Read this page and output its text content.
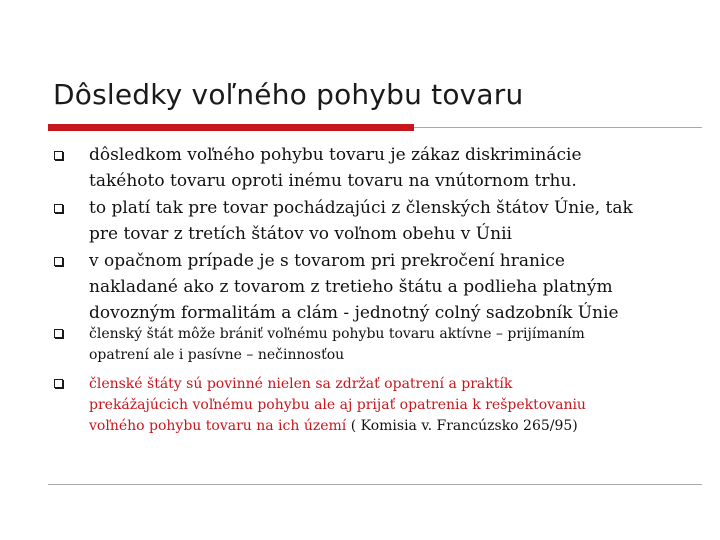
Dôsledky voľného pohybu tovaru
dôsledkom voľného pohybu tovaru je zákaz diskriminácie
takéhoto tovaru oproti inému tovaru na vnútornom trhu.
to platí tak pre tovar pochádzajúci z členských štátov Únie, tak
pre tovar z tretích štátov vo voľnom obehu v Únii
v opačnom prípade je s tovarom pri prekročení hranice
nakladané ako z tovarom z tretieho štátu a podlieha platným
dovozným formalitám a clám - jednotný colný sadzobník Únie
členský štát môže brániť voľnému pohybu tovaru aktívne – prijímaním
opatrení ale i pasívne – nečinnosťou
členské štáty sú povinné nielen sa zdržať opatrení a praktík
prekážajúcich voľnému pohybu ale aj prijať opatrenia k rešpektovaniu
voľného pohybu tovaru na ich území ( Komisia v. Francúzsko 265/95)
